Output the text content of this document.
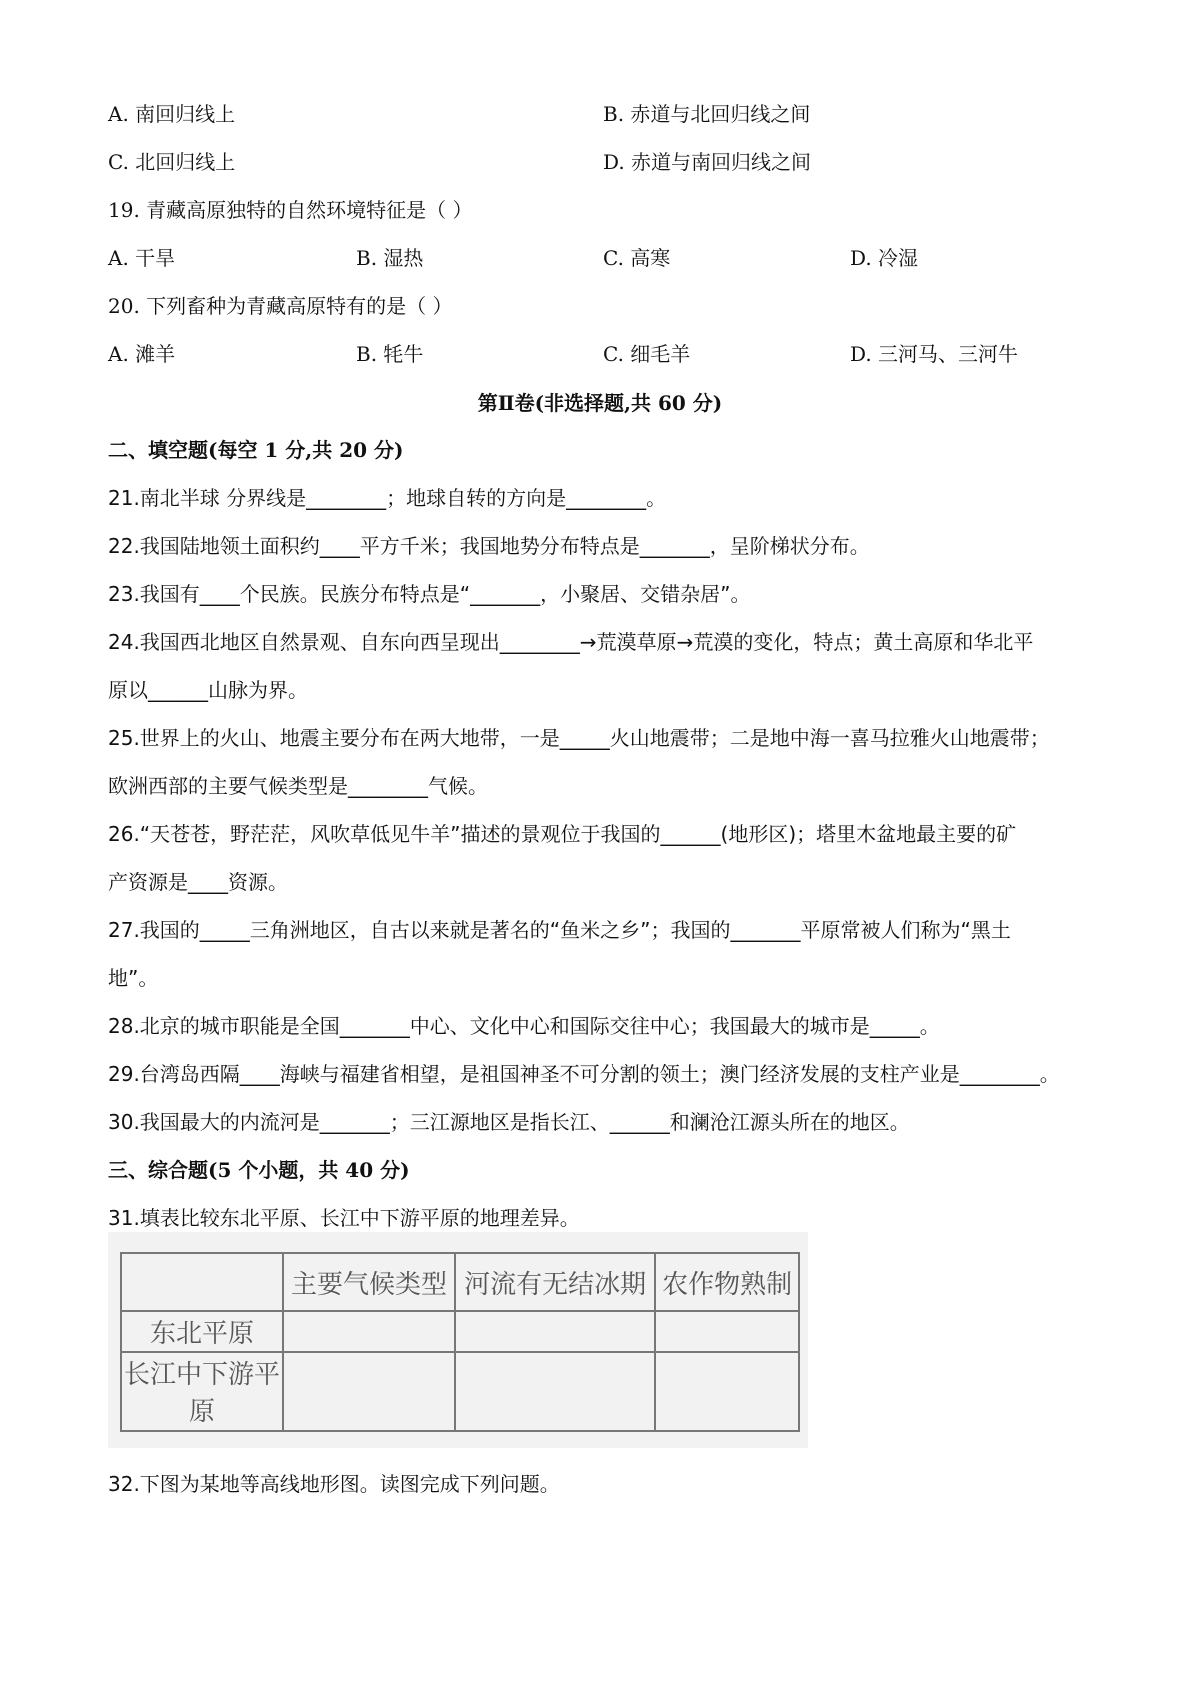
A. 南回归线上	B. 赤道与北回归线之间
C. 北回归线上	D. 赤道与南回归线之间
19. 青藏高原独特的自然环境特征是（ ）
A. 干旱	B. 湿热	C. 高寒	D. 冷湿
20. 下列畜种为青藏高原特有的是（ ）
A. 滩羊	B. 牦牛	C. 细毛羊	D. 三河马、三河牛
第Ⅱ卷(非选择题,共 60 分)
二、填空题(每空 1 分,共 20 分)
21.南北半球 分界线是________；地球自转的方向是________。
22.我国陆地领土面积约____平方千米；我国地势分布特点是_______，呈阶梯状分布。
23.我国有____个民族。民族分布特点是“_______，小聚居、交错杂居”。
24.我国西北地区自然景观、自东向西呈现出________→荒漠草原→荒漠的变化，特点；黄土高原和华北平
原以______山脉为界。
25.世界上的火山、地震主要分布在两大地带，一是_____火山地震带；二是地中海一喜马拉雅火山地震带；
欧洲西部的主要气候类型是________气候。
26.“天苍苍，野茫茫，风吹草低见牛羊”描述的景观位于我国的______(地形区)；塔里木盆地最主要的矿
产资源是____资源。
27.我国的_____三角洲地区，自古以来就是著名的“鱼米之乡”；我国的_______平原常被人们称为“黑土
地”。
28.北京的城市职能是全国_______中心、文化中心和国际交往中心；我国最大的城市是_____。
29.台湾岛西隔____海峡与福建省相望，是祖国神圣不可分割的领土；澳门经济发展的支柱产业是________。
30.我国最大的内流河是_______；三江源地区是指长江、______和澜沧江源头所在的地区。
三、综合题(5 个小题，共 40 分)
31.填表比较东北平原、长江中下游平原的地理差异。
	主要气候类型	河流有无结冰期	农作物熟制
东北平原			
长江中下游平原			
32.下图为某地等高线地形图。读图完成下列问题。
